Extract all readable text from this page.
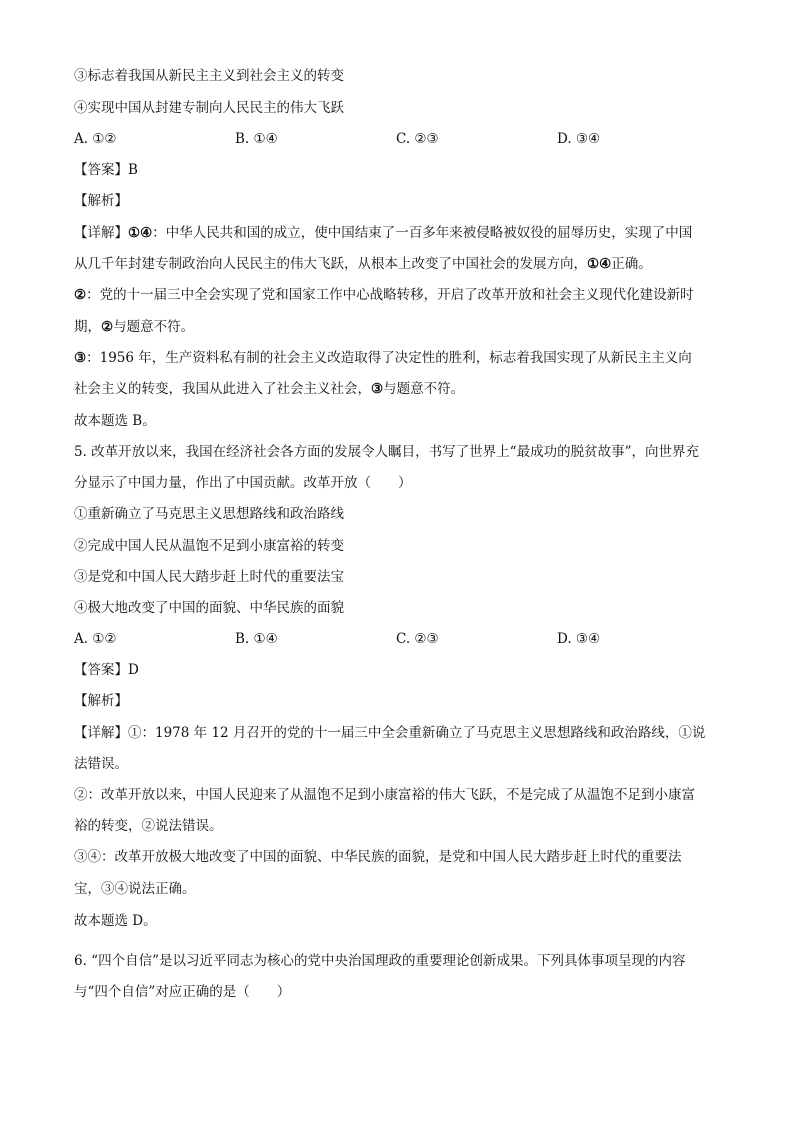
③标志着我国从新民主主义到社会主义的转变
④实现中国从封建专制向人民民主的伟大飞跃
A. ①②	B. ①④	C. ②③	D. ③④
【答案】B
【解析】
【详解】①④：中华人民共和国的成立，使中国结束了一百多年来被侵略被奴役的屈辱历史，实现了中国
从几千年封建专制政治向人民民主的伟大飞跃，从根本上改变了中国社会的发展方向，①④正确。
②：党的十一届三中全会实现了党和国家工作中心战略转移，开启了改革开放和社会主义现代化建设新时
期，②与题意不符。
③：1956 年，生产资料私有制的社会主义改造取得了决定性的胜利，标志着我国实现了从新民主主义向
社会主义的转变，我国从此进入了社会主义社会，③与题意不符。
故本题选 B。
5. 改革开放以来，我国在经济社会各方面的发展令人瞩目，书写了世界上“最成功的脱贫故事”，向世界充
分显示了中国力量，作出了中国贡献。改革开放（　　）
①重新确立了马克思主义思想路线和政治路线
②完成中国人民从温饱不足到小康富裕的转变
③是党和中国人民大踏步赶上时代的重要法宝
④极大地改变了中国的面貌、中华民族的面貌
A. ①②	B. ①④	C. ②③	D. ③④
【答案】D
【解析】
【详解】①：1978 年 12 月召开的党的十一届三中全会重新确立了马克思主义思想路线和政治路线，①说
法错误。
②：改革开放以来，中国人民迎来了从温饱不足到小康富裕的伟大飞跃，不是完成了从温饱不足到小康富
裕的转变，②说法错误。
③④：改革开放极大地改变了中国的面貌、中华民族的面貌，是党和中国人民大踏步赶上时代的重要法
宝，③④说法正确。
故本题选 D。
6. “四个自信”是以习近平同志为核心的党中央治国理政的重要理论创新成果。下列具体事项呈现的内容
与“四个自信”对应正确的是（　　）
